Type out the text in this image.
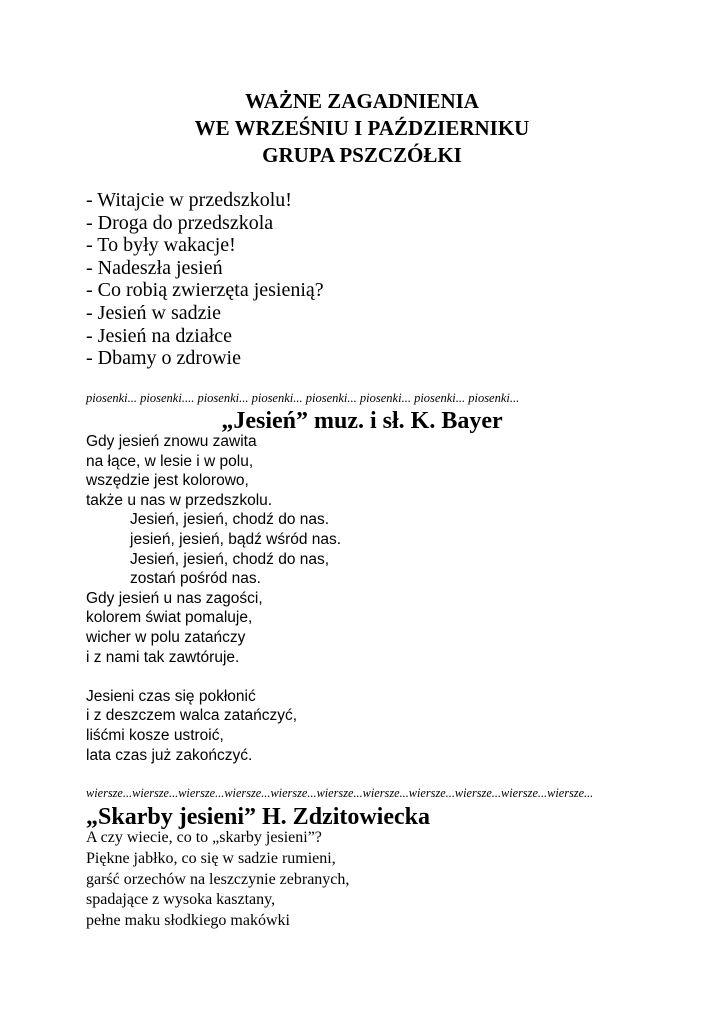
WAŻNE ZAGADNIENIA
WE WRZEŚNIU I PAŹDZIERNIKU
GRUPA PSZCZÓŁKI
- Witajcie w przedszkolu!
- Droga do przedszkola
- To były wakacje!
- Nadeszła jesień
- Co robią zwierzęta jesienią?
- Jesień w sadzie
- Jesień na działce
- Dbamy o zdrowie
piosenki... piosenki.... piosenki... piosenki... piosenki... piosenki... piosenki... piosenki...
„Jesień” muz. i sł. K. Bayer
Gdy jesień znowu zawita
na łące, w lesie i w polu,
wszędzie jest kolorowo,
także u nas w przedszkolu.
Jesień, jesień, chodź do nas.
jesień, jesień, bądź wśród nas.
Jesień, jesień, chodź do nas,
zostań pośród nas.
Gdy jesień u nas zagości,
kolorem świat pomaluje,
wicher w polu zatańczy
i z nami tak zawtóruje.
Jesieni czas się pokłonić
i z deszczem walca zatańczyć,
liśćmi kosze ustroić,
lata czas już zakończyć.
wiersze...wiersze...wiersze...wiersze...wiersze...wiersze...wiersze...wiersze...wiersze...wiersze...wiersze...
„Skarby jesieni” H. Zdzitowiecka
A czy wiecie, co to „skarby jesieni”?
Piękne jabłko, co się w sadzie rumieni,
garść orzechów na leszczynie zebranych,
spadające z wysoka kasztany,
pełne maku słodkiego makówki
